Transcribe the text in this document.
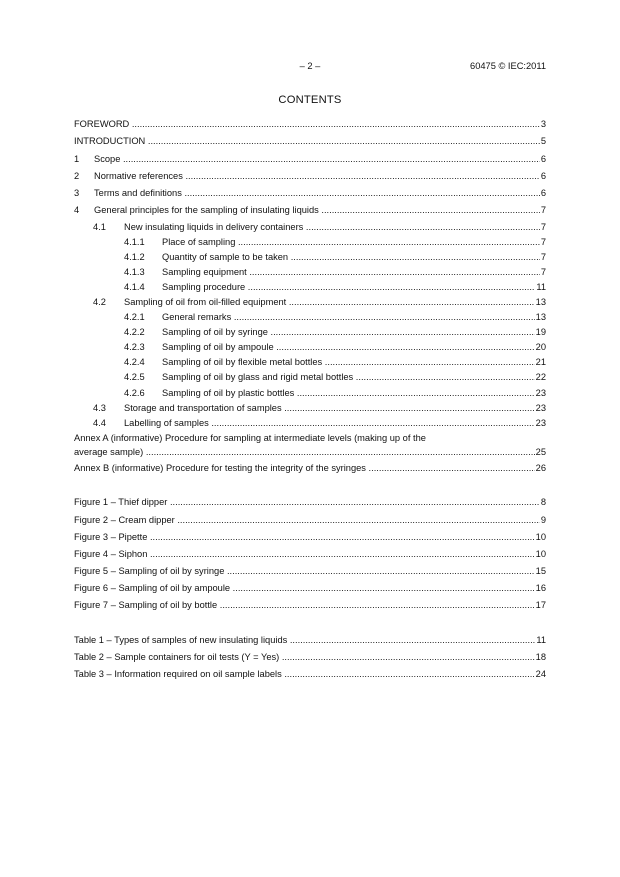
– 2 –	60475 © IEC:2011
CONTENTS
FOREWORD .....	3
INTRODUCTION .....	5
1	Scope .....	6
2	Normative references .....	6
3	Terms and definitions .....	6
4	General principles for the sampling of insulating liquids .....	7
4.1	New insulating liquids in delivery containers .....	7
4.1.1	Place of sampling .....	7
4.1.2	Quantity of sample to be taken .....	7
4.1.3	Sampling equipment .....	7
4.1.4	Sampling procedure .....	11
4.2	Sampling of oil from oil-filled equipment .....	13
4.2.1	General remarks .....	13
4.2.2	Sampling of oil by syringe .....	19
4.2.3	Sampling of oil by ampoule .....	20
4.2.4	Sampling of oil by flexible metal bottles .....	21
4.2.5	Sampling of oil by glass and rigid metal bottles .....	22
4.2.6	Sampling of oil by plastic bottles .....	23
4.3	Storage and transportation of samples .....	23
4.4	Labelling of samples .....	23
Annex A (informative) Procedure for sampling at intermediate levels (making up of the
average sample) .....	25
Annex B (informative) Procedure for testing the integrity of the syringes .....	26
Figure 1 – Thief dipper .....	8
Figure 2 – Cream dipper .....	9
Figure 3 – Pipette .....	10
Figure 4 – Siphon .....	10
Figure 5 – Sampling of oil by syringe .....	15
Figure 6 – Sampling of oil by ampoule .....	16
Figure 7 – Sampling of oil by bottle .....	17
Table 1 – Types of samples of new insulating liquids .....	11
Table 2 – Sample containers for oil tests (Y = Yes) .....	18
Table 3 – Information required on oil sample labels .....	24
